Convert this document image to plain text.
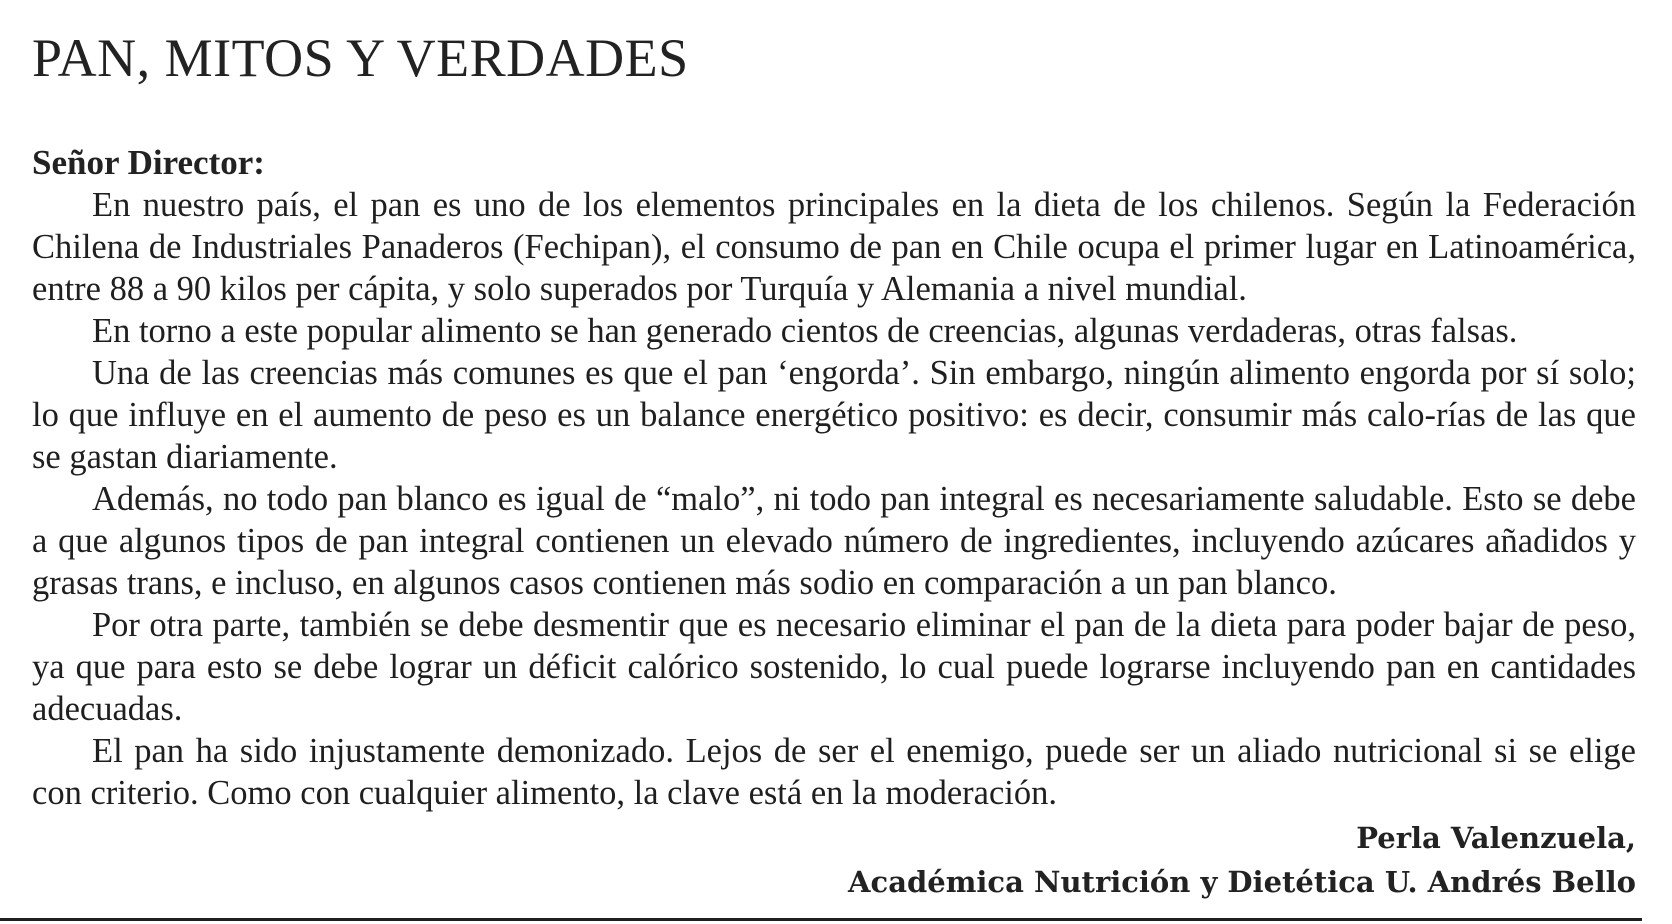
PAN, MITOS Y VERDADES
Señor Director:

En nuestro país, el pan es uno de los elementos principales en la dieta de los chilenos. Según la Federación Chilena de Industriales Panaderos (Fechipan), el consumo de pan en Chile ocupa el primer lugar en Latinoamérica, entre 88 a 90 kilos per cápita, y solo superados por Turquía y Alemania a nivel mundial.

En torno a este popular alimento se han generado cientos de creencias, algunas verdaderas, otras falsas.

Una de las creencias más comunes es que el pan ‘engorda’. Sin embargo, ningún alimento engorda por sí solo; lo que influye en el aumento de peso es un balance energético positivo: es decir, consumir más calo-rías de las que se gastan diariamente.

Además, no todo pan blanco es igual de “malo”, ni todo pan integral es necesariamente saludable. Esto se debe a que algunos tipos de pan integral contienen un elevado número de ingredientes, incluyendo azúcares añadidos y grasas trans, e incluso, en algunos casos contienen más sodio en comparación a un pan blanco.

Por otra parte, también se debe desmentir que es necesario eliminar el pan de la dieta para poder bajar de peso, ya que para esto se debe lograr un déficit calórico sostenido, lo cual puede lograrse incluyendo pan en cantidades adecuadas.

El pan ha sido injustamente demonizado. Lejos de ser el enemigo, puede ser un aliado nutricional si se elige con criterio. Como con cualquier alimento, la clave está en la moderación.

Perla Valenzuela,
Académica Nutrición y Dietética U. Andrés Bello
